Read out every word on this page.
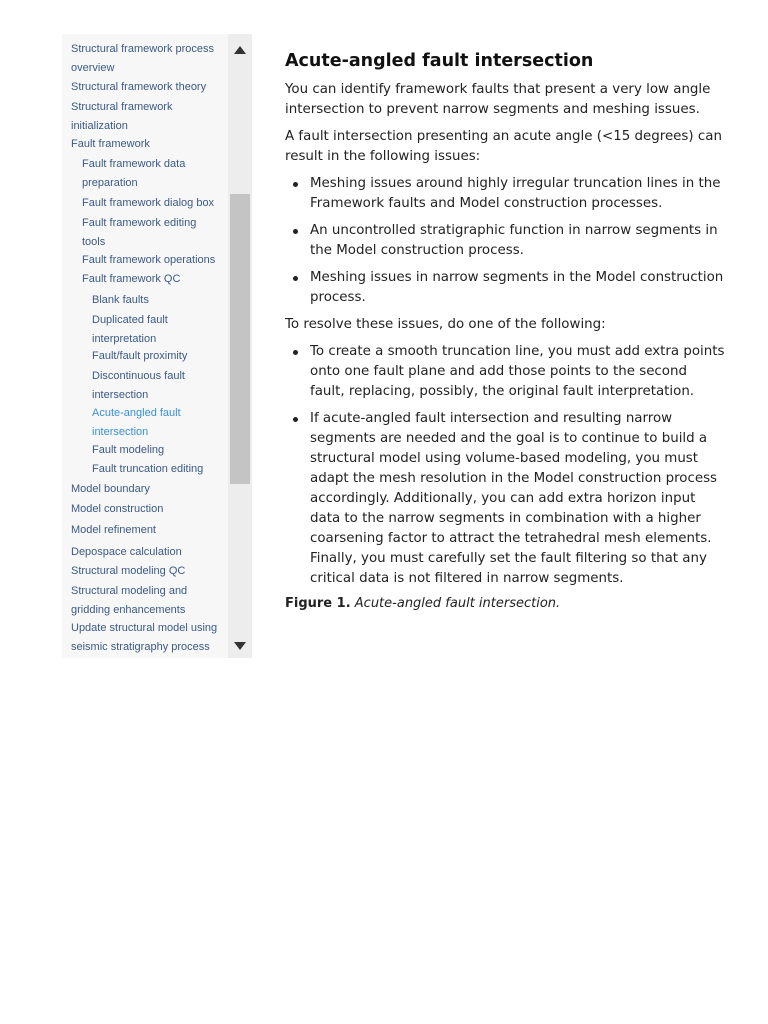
Structural framework process
overview
Structural framework theory
Structural framework
initialization
Fault framework
Fault framework data
preparation
Fault framework dialog box
Fault framework editing
tools
Fault framework operations
Fault framework QC
Blank faults
Duplicated fault
interpretation
Fault/fault proximity
Discontinuous fault
intersection
Acute-angled fault
intersection
Fault modeling
Fault truncation editing
Model boundary
Model construction
Model refinement
Depospace calculation
Structural modeling QC
Structural modeling and
gridding enhancements
Update structural model using
seismic stratigraphy process
Acute-angled fault intersection

You can identify framework faults that present a very low angle intersection to prevent narrow segments and meshing issues.

A fault intersection presenting an acute angle (<15 degrees) can result in the following issues:

Meshing issues around highly irregular truncation lines in the Framework faults and Model construction processes.
An uncontrolled stratigraphic function in narrow segments in the Model construction process.
Meshing issues in narrow segments in the Model construction process.

To resolve these issues, do one of the following:

To create a smooth truncation line, you must add extra points onto one fault plane and add those points to the second fault, replacing, possibly, the original fault interpretation.
If acute-angled fault intersection and resulting narrow segments are needed and the goal is to continue to build a structural model using volume-based modeling, you must adapt the mesh resolution in the Model construction process accordingly. Additionally, you can add extra horizon input data to the narrow segments in combination with a higher coarsening factor to attract the tetrahedral mesh elements. Finally, you must carefully set the fault filtering so that any critical data is not filtered in narrow segments.
Figure 1. Acute-angled fault intersection.
